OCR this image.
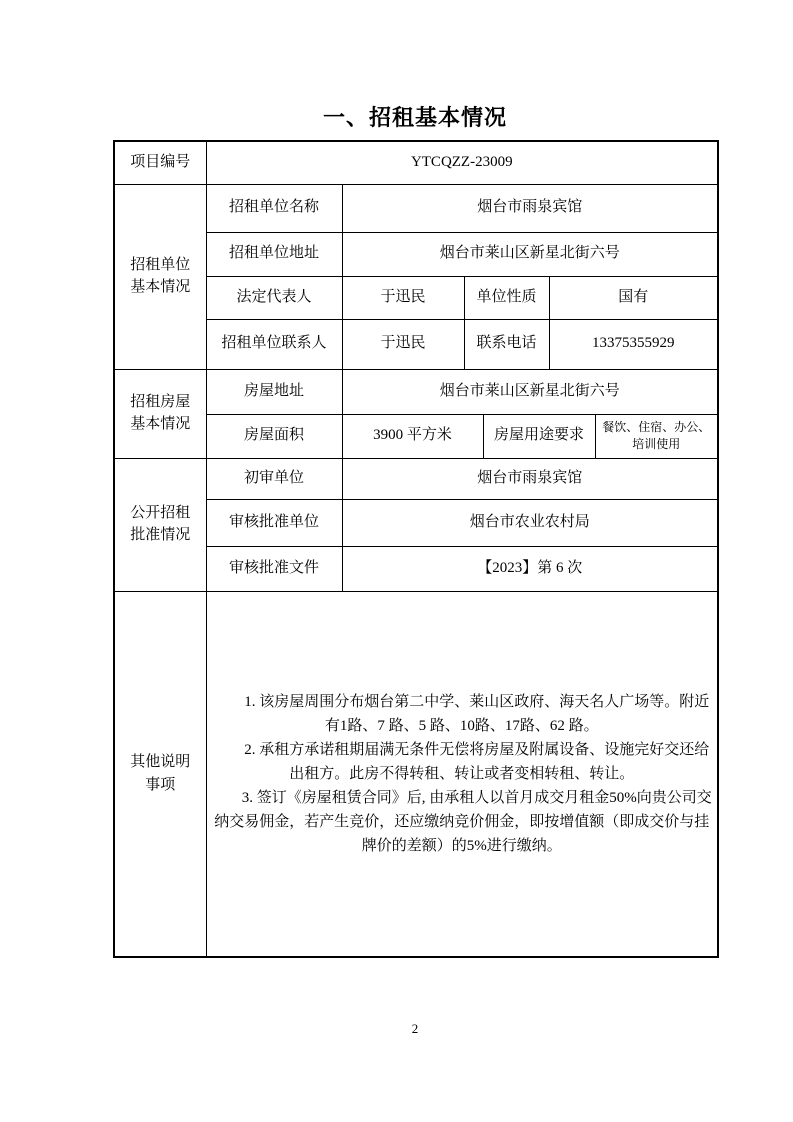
一、招租基本情况
项目编号	YTCQZZ-23009					
招租单位基本情况	招租单位名称	烟台市雨泉宾馆				
	招租单位地址	烟台市莱山区新星北街六号				
	法定代表人	于迅民	单位性质		国有	
	招租单位联系人	于迅民	联系电话		13375355929	
招租房屋基本情况	房屋地址	烟台市莱山区新星北街六号				
	房屋面积	3900 平方米		房屋用途要求		餐饮、住宿、办公、培训使用
公开招租批准情况	初审单位	烟台市雨泉宾馆				
	审核批准单位	烟台市农业农村局				
	审核批准文件	【2023】第 6 次				
其他说明事项	1. 该房屋周围分布烟台第二中学、莱山区政府、海天名人广场等。附近有1路、7 路、5 路、10路、17路、62 路。

2. 承租方承诺租期届满无条件无偿将房屋及附属设备、设施完好交还给出租方。此房不得转租、转让或者变相转租、转让。

3. 签订《房屋租赁合同》后, 由承租人以首月成交月租金50%向贵公司交纳交易佣金，若产生竞价，还应缴纳竞价佣金，即按增值额（即成交价与挂牌价的差额）的5%进行缴纳。					

2
